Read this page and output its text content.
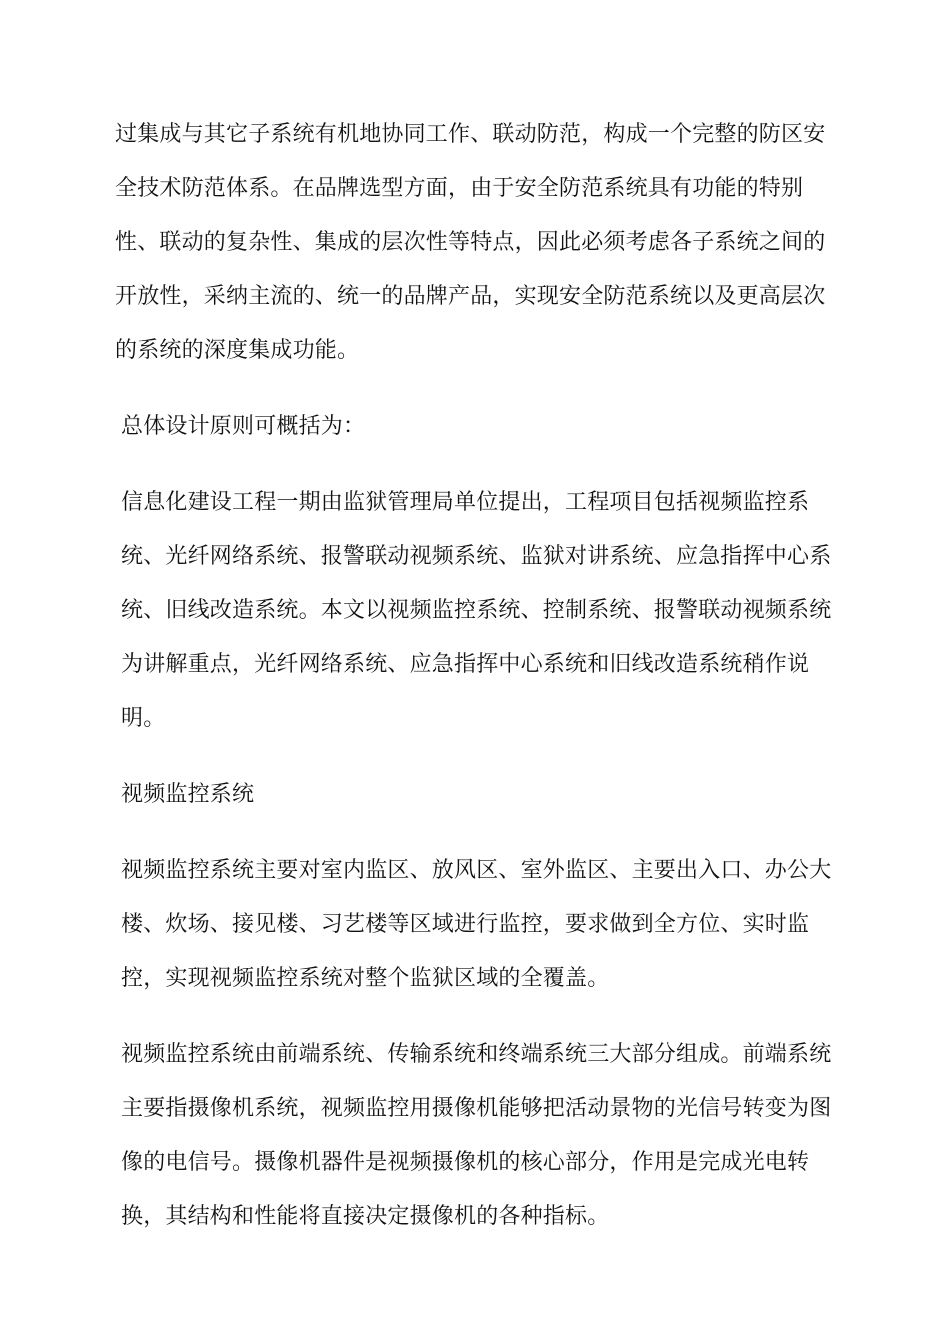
过集成与其它子系统有机地协同工作、联动防范，构成一个完整的防区安全技术防范体系。在品牌选型方面，由于安全防范系统具有功能的特别性、联动的复杂性、集成的层次性等特点，因此必须考虑各子系统之间的开放性，采纳主流的、统一的品牌产品，实现安全防范系统以及更高层次的系统的深度集成功能。

总体设计原则可概括为：

信息化建设工程一期由监狱管理局单位提出，工程项目包括视频监控系统、光纤网络系统、报警联动视频系统、监狱对讲系统、应急指挥中心系统、旧线改造系统。本文以视频监控系统、控制系统、报警联动视频系统为讲解重点，光纤网络系统、应急指挥中心系统和旧线改造系统稍作说明。

视频监控系统

视频监控系统主要对室内监区、放风区、室外监区、主要出入口、办公大楼、炊场、接见楼、习艺楼等区域进行监控，要求做到全方位、实时监控，实现视频监控系统对整个监狱区域的全覆盖。

视频监控系统由前端系统、传输系统和终端系统三大部分组成。前端系统主要指摄像机系统，视频监控用摄像机能够把活动景物的光信号转变为图像的电信号。摄像机器件是视频摄像机的核心部分，作用是完成光电转换，其结构和性能将直接决定摄像机的各种指标。
